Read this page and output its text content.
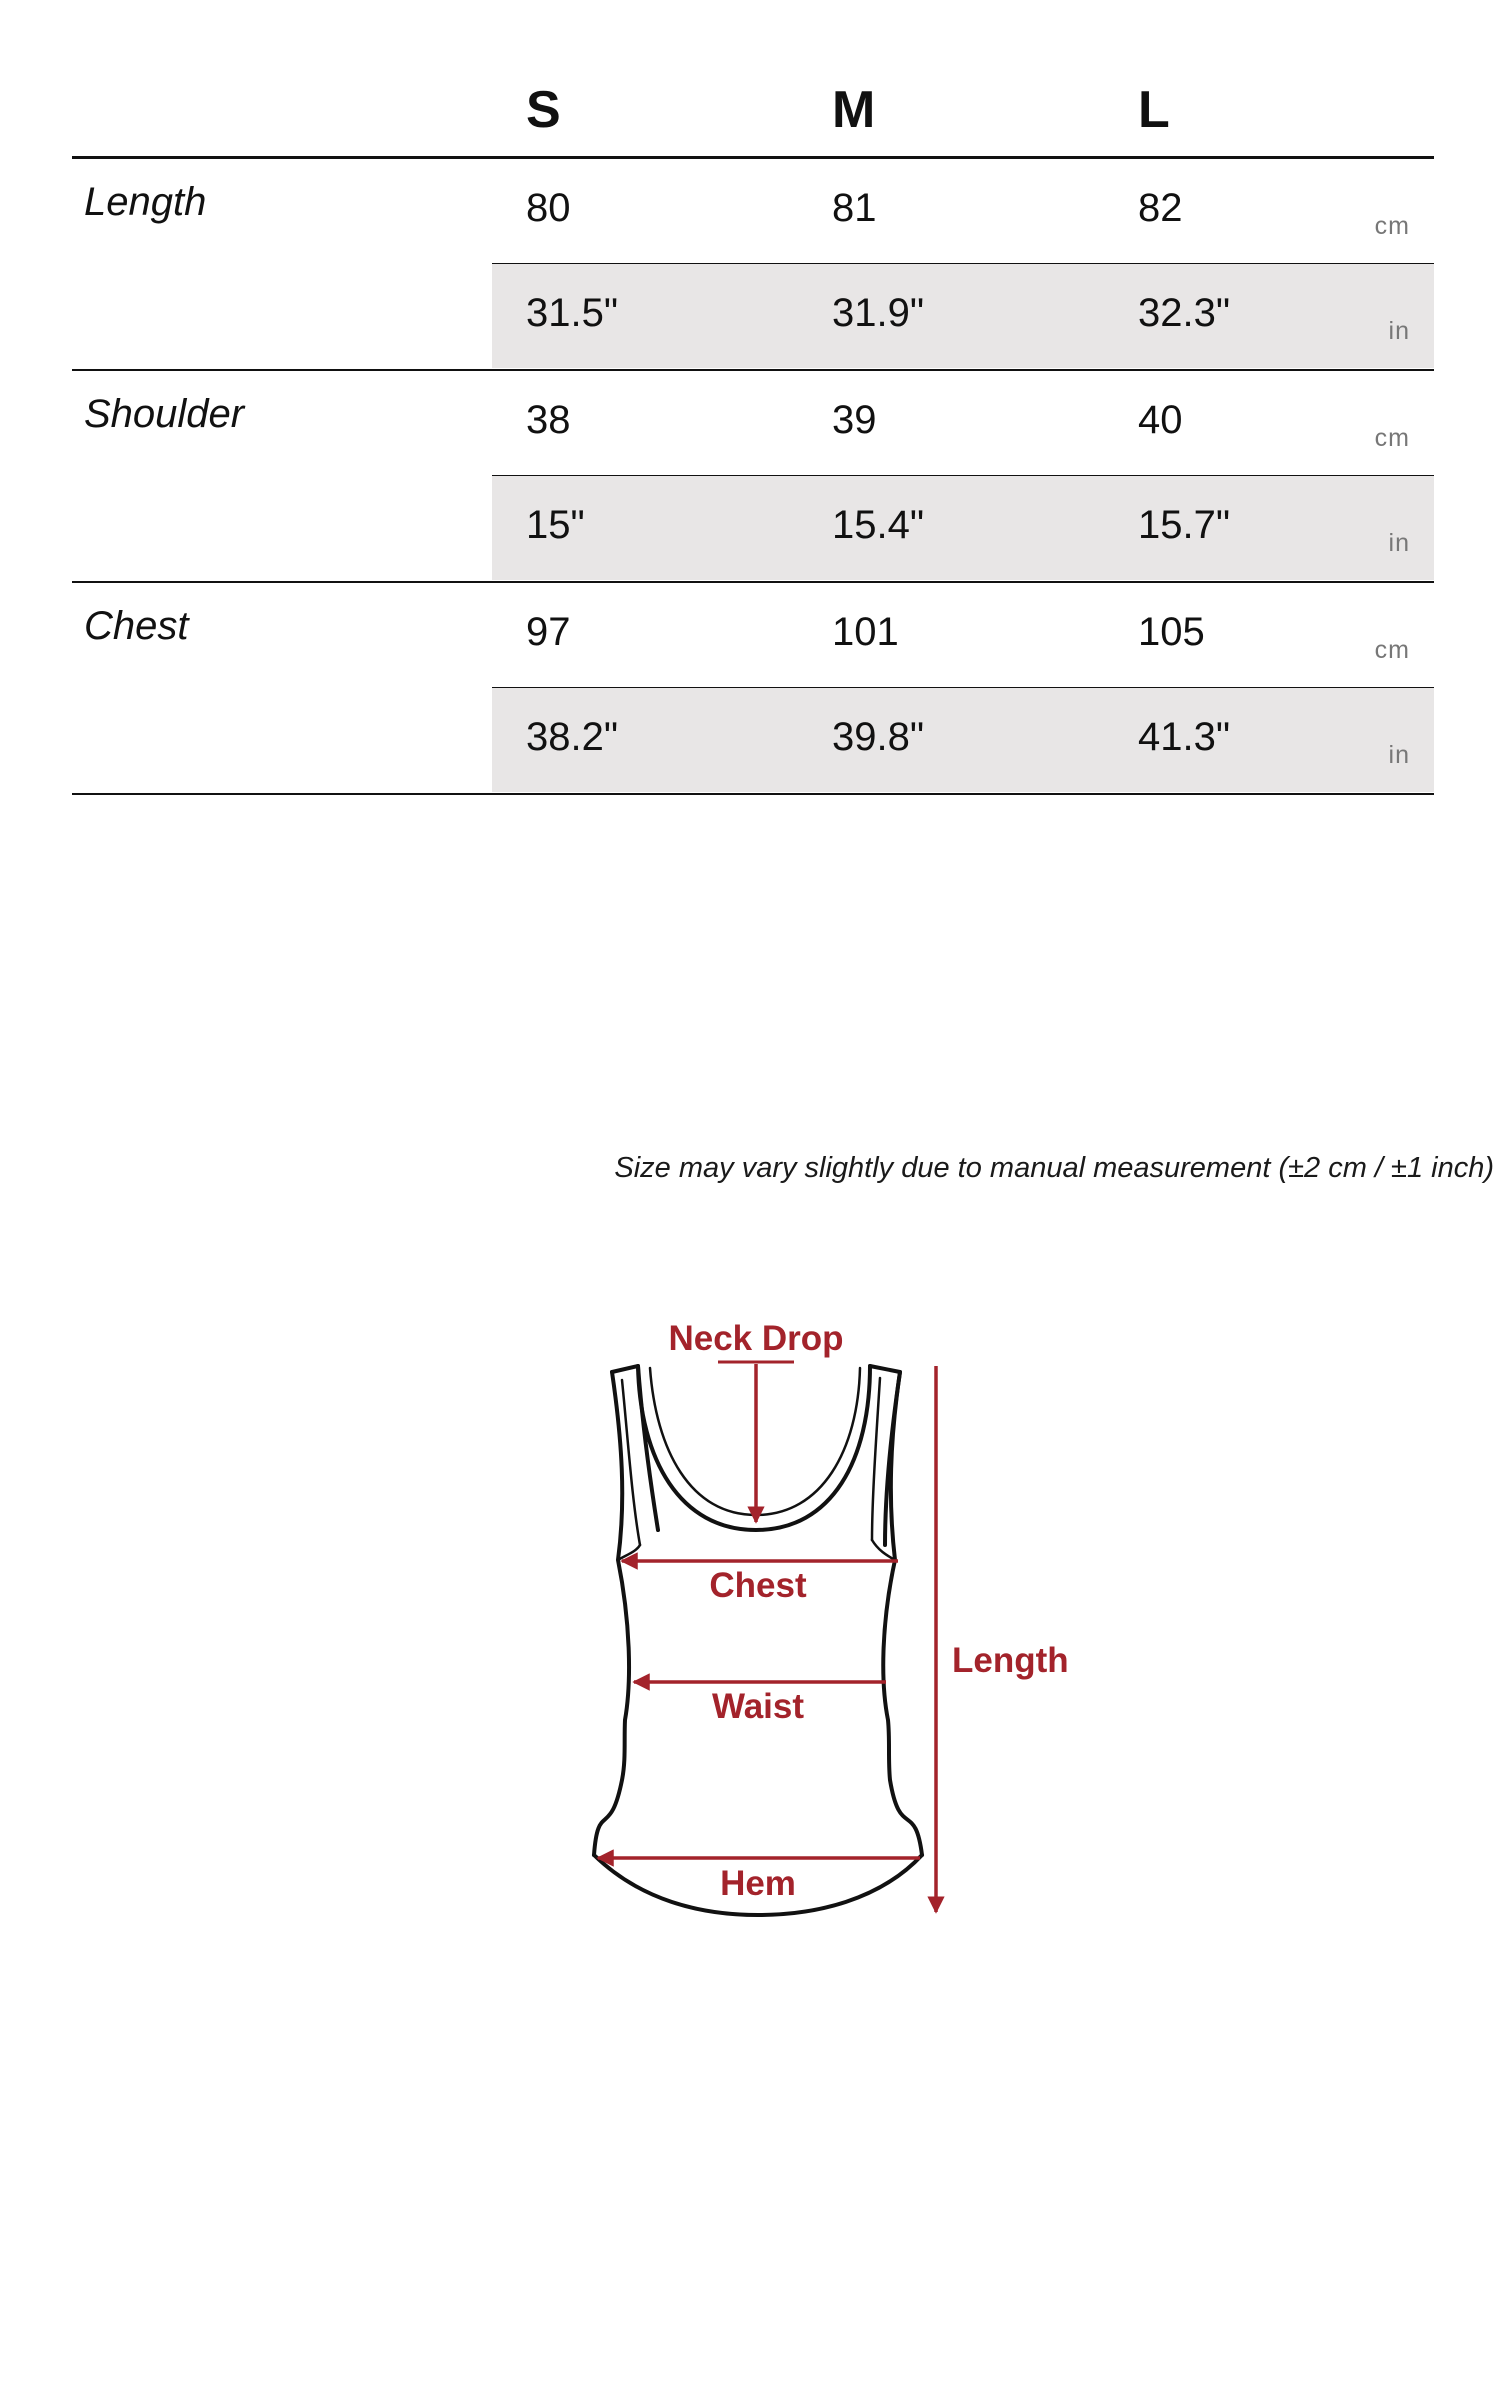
S	M	L
Length	80	81	82	cm
31.5"	31.9"	32.3"	in
Shoulder	38	39	40	cm
15"	15.4"	15.7"	in
Chest	97	101	105	cm
38.2"	39.8"	41.3"	in
Size may vary slightly due to manual measurement (±2 cm / ±1 inch)
Neck Drop
Chest
Waist
Hem
Length
